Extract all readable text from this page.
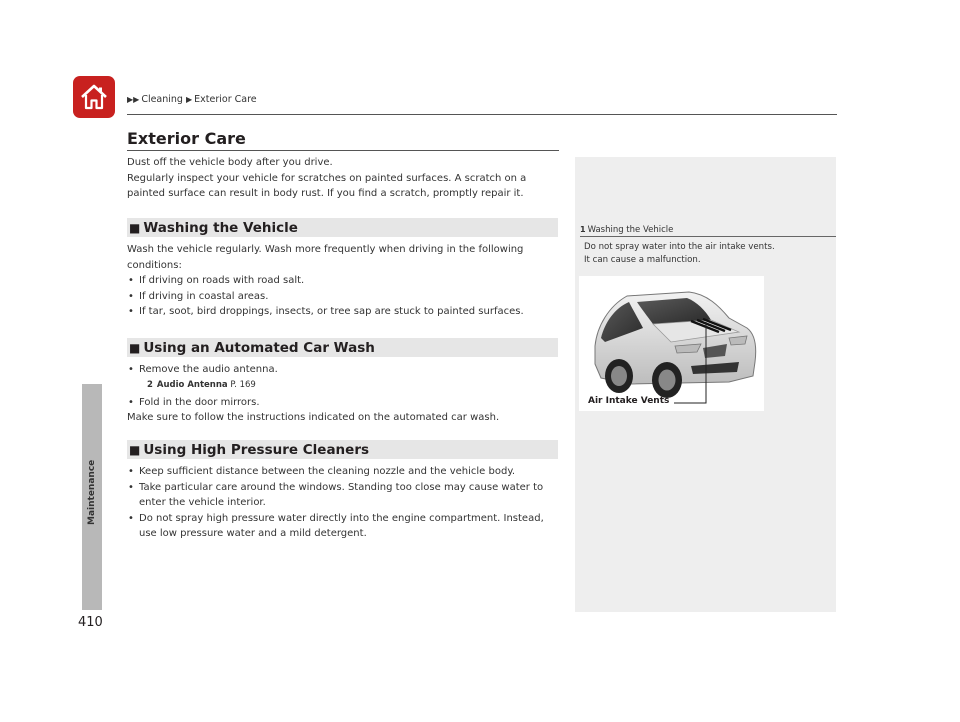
▶▶ Cleaning ▶ Exterior Care
Maintenance
410
Exterior Care
Dust off the vehicle body after you drive.
Regularly inspect your vehicle for scratches on painted surfaces. A scratch on a
painted surface can result in body rust. If you find a scratch, promptly repair it.
■ Washing the Vehicle
Wash the vehicle regularly. Wash more frequently when driving in the following
conditions:
• If driving on roads with road salt.
• If driving in coastal areas.
• If tar, soot, bird droppings, insects, or tree sap are stuck to painted surfaces.
■ Using an Automated Car Wash
• Remove the audio antenna.
2 Audio Antenna P. 169
• Fold in the door mirrors.
Make sure to follow the instructions indicated on the automated car wash.
■ Using High Pressure Cleaners
• Keep sufficient distance between the cleaning nozzle and the vehicle body.
• Take particular care around the windows. Standing too close may cause water to
enter the vehicle interior.
• Do not spray high pressure water directly into the engine compartment. Instead,
use low pressure water and a mild detergent.
1 Washing the Vehicle
Do not spray water into the air intake vents.
It can cause a malfunction.
Air Intake Vents
